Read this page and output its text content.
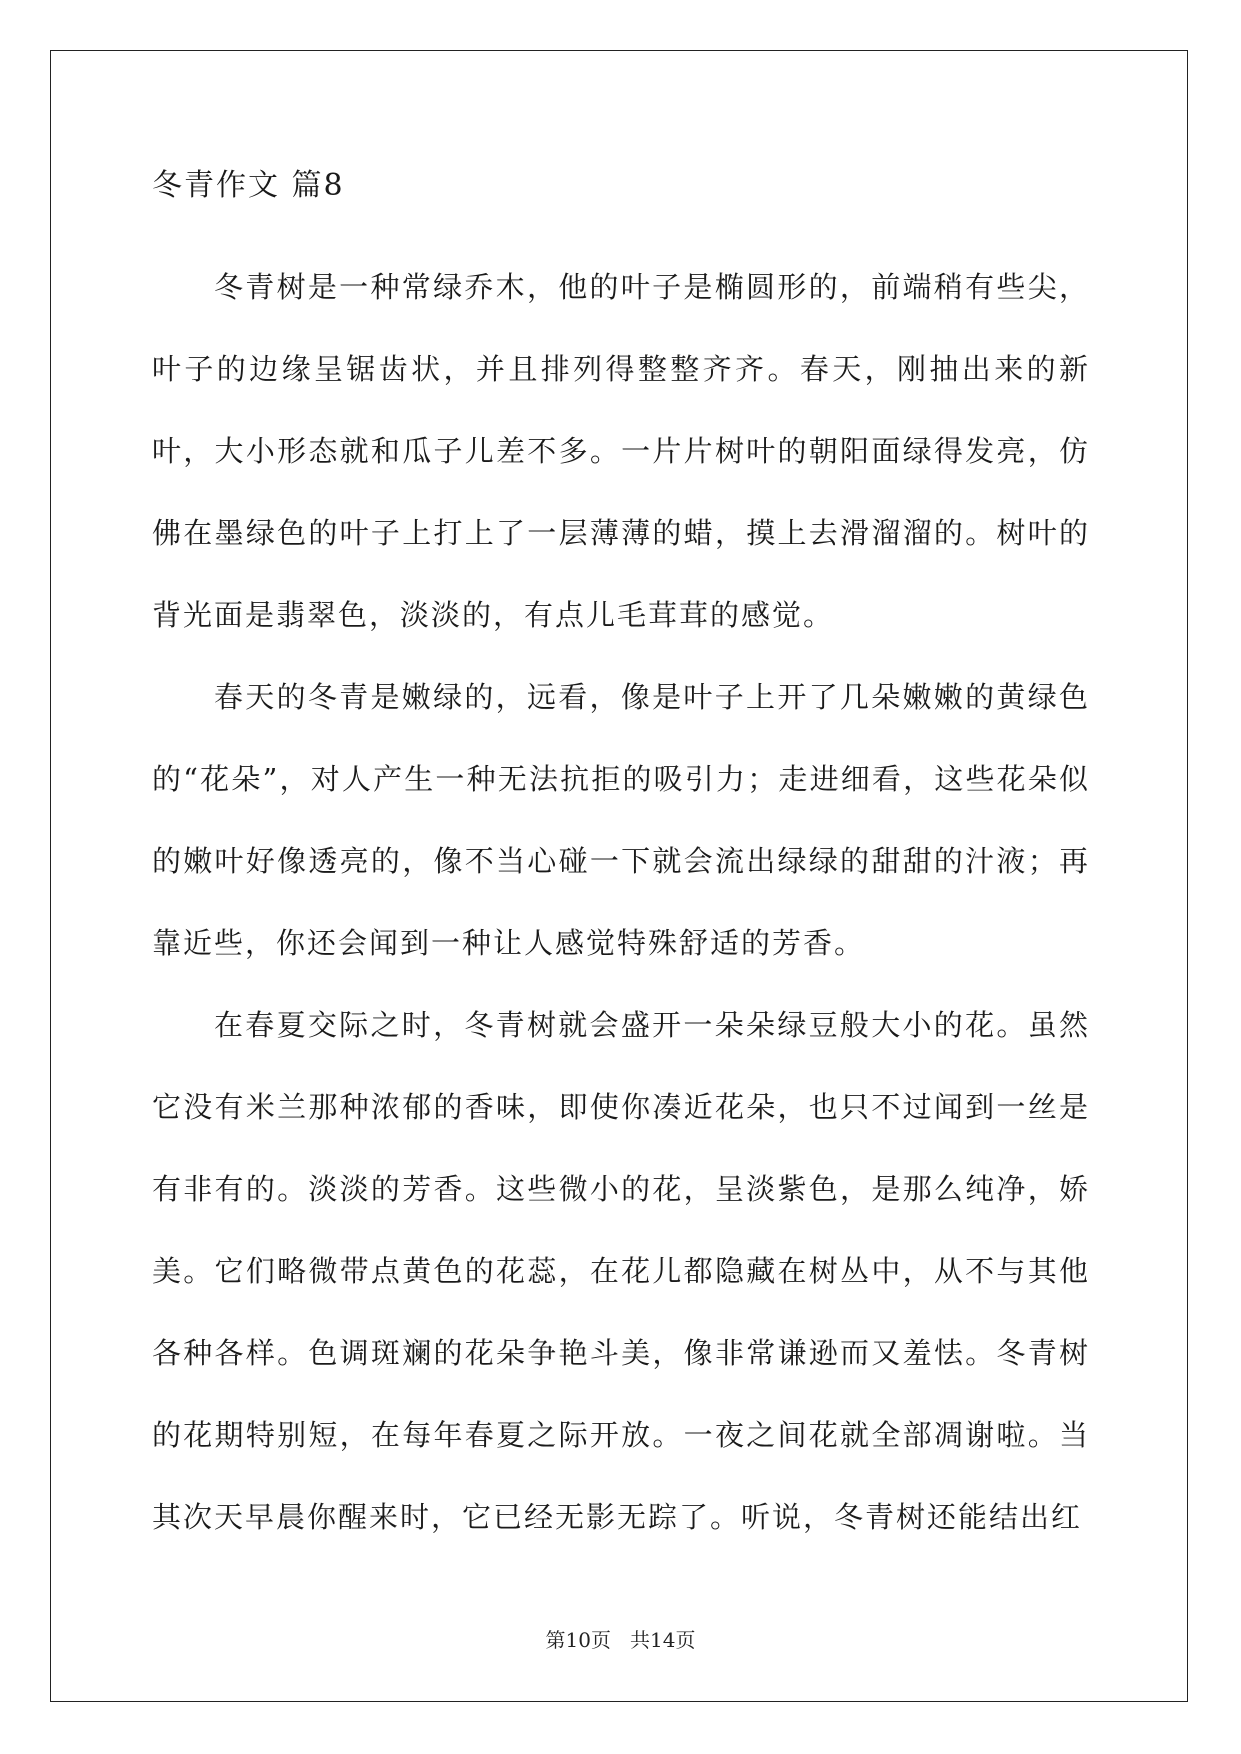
冬青作文 篇8

冬青树是一种常绿乔木，他的叶子是椭圆形的，前端稍有些尖，叶子的边缘呈锯齿状，并且排列得整整齐齐。春天，刚抽出来的新叶，大小形态就和瓜子儿差不多。一片片树叶的朝阳面绿得发亮，仿佛在墨绿色的叶子上打上了一层薄薄的蜡，摸上去滑溜溜的。树叶的背光面是翡翠色，淡淡的，有点儿毛茸茸的感觉。

春天的冬青是嫩绿的，远看，像是叶子上开了几朵嫩嫩的黄绿色的“花朵”，对人产生一种无法抗拒的吸引力；走进细看，这些花朵似的嫩叶好像透亮的，像不当心碰一下就会流出绿绿的甜甜的汁液；再靠近些，你还会闻到一种让人感觉特殊舒适的芳香。

在春夏交际之时，冬青树就会盛开一朵朵绿豆般大小的花。虽然它没有米兰那种浓郁的香味，即使你凑近花朵，也只不过闻到一丝是有非有的。淡淡的芳香。这些微小的花，呈淡紫色，是那么纯净，娇美。它们略微带点黄色的花蕊，在花儿都隐藏在树丛中，从不与其他各种各样。色调斑斓的花朵争艳斗美，像非常谦逊而又羞怯。冬青树的花期特别短，在每年春夏之际开放。一夜之间花就全部凋谢啦。当其次天早晨你醒来时，它已经无影无踪了。听说，冬青树还能结出红

第10页 共14页
